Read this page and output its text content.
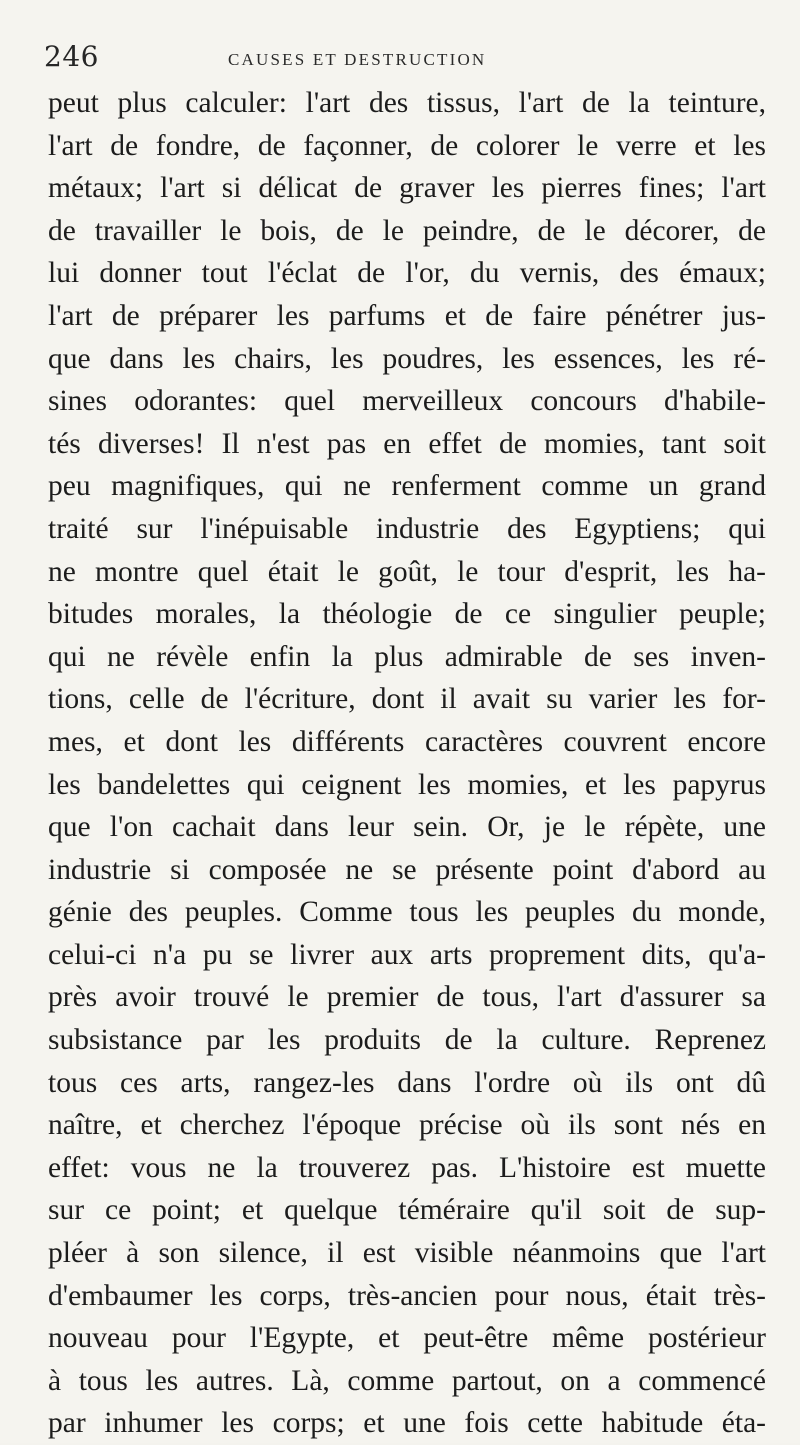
246	CAUSES ET DESTRUCTION
peut plus calculer: l'art des tissus, l'art de la teinture,
l'art de fondre, de façonner, de colorer le verre et les
métaux; l'art si délicat de graver les pierres fines; l'art
de travailler le bois, de le peindre, de le décorer, de
lui donner tout l'éclat de l'or, du vernis, des émaux;
l'art de préparer les parfums et de faire pénétrer jus-
que dans les chairs, les poudres, les essences, les ré-
sines odorantes: quel merveilleux concours d'habile-
tés diverses! Il n'est pas en effet de momies, tant soit
peu magnifiques, qui ne renferment comme un grand
traité sur l'inépuisable industrie des Egyptiens; qui
ne montre quel était le goût, le tour d'esprit, les ha-
bitudes morales, la théologie de ce singulier peuple;
qui ne révèle enfin la plus admirable de ses inven-
tions, celle de l'écriture, dont il avait su varier les for-
mes, et dont les différents caractères couvrent encore
les bandelettes qui ceignent les momies, et les papyrus
que l'on cachait dans leur sein. Or, je le répète, une
industrie si composée ne se présente point d'abord au
génie des peuples. Comme tous les peuples du monde,
celui-ci n'a pu se livrer aux arts proprement dits, qu'a-
près avoir trouvé le premier de tous, l'art d'assurer sa
subsistance par les produits de la culture. Reprenez
tous ces arts, rangez-les dans l'ordre où ils ont dû
naître, et cherchez l'époque précise où ils sont nés en
effet: vous ne la trouverez pas. L'histoire est muette
sur ce point; et quelque téméraire qu'il soit de sup-
pléer à son silence, il est visible néanmoins que l'art
d'embaumer les corps, très-ancien pour nous, était très-
nouveau pour l'Egypte, et peut-être même postérieur
à tous les autres. Là, comme partout, on a commencé
par inhumer les corps; et une fois cette habitude éta-
